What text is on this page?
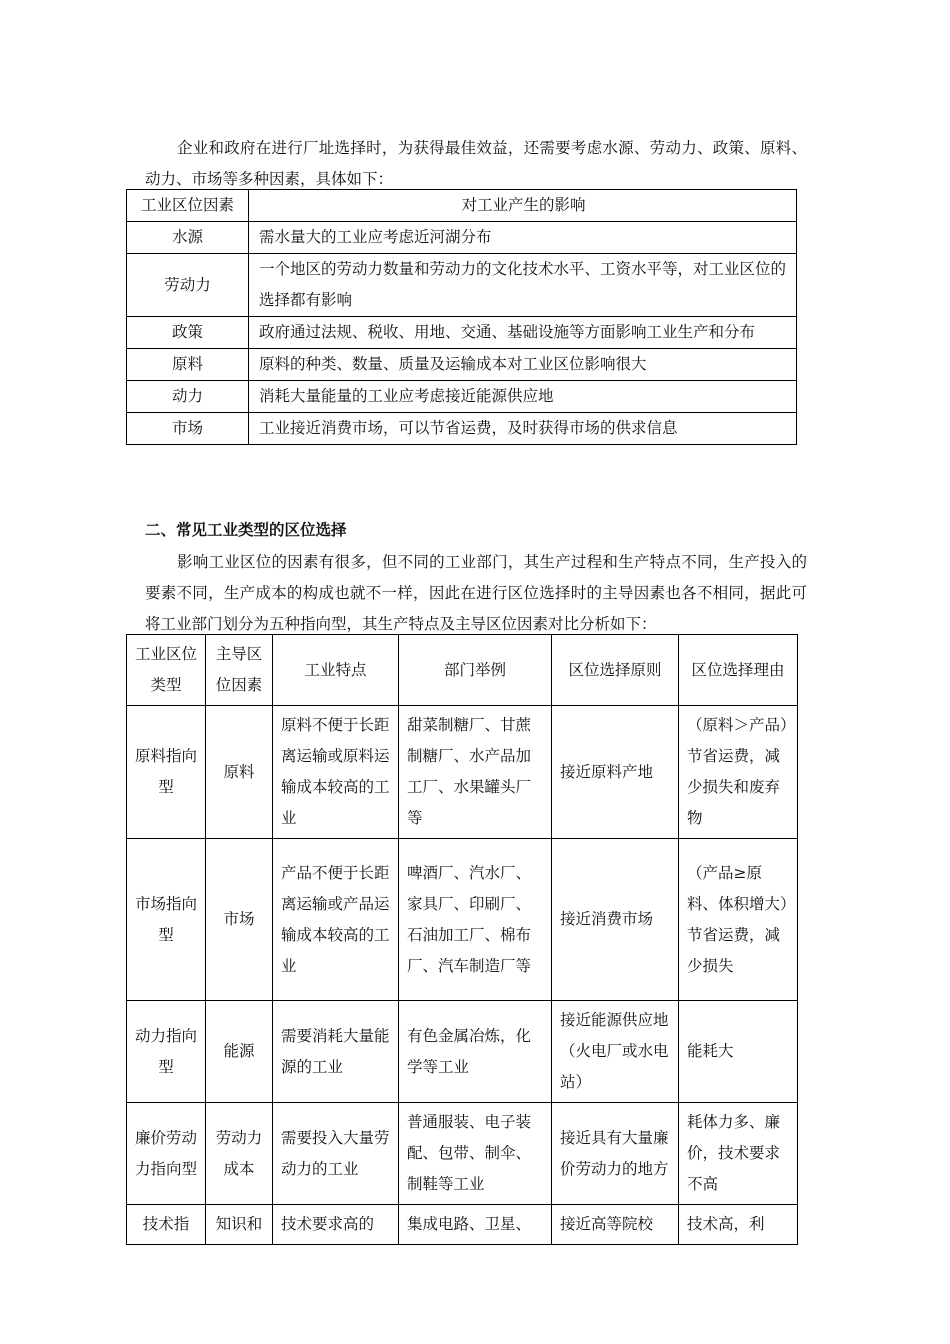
企业和政府在进行厂址选择时，为获得最佳效益，还需要考虑水源、劳动力、政策、原料、动力、市场等多种因素，具体如下：

工业区位因素	对工业产生的影响
水源	需水量大的工业应考虑近河湖分布
劳动力	一个地区的劳动力数量和劳动力的文化技术水平、工资水平等，对工业区位的选择都有影响
政策	政府通过法规、税收、用地、交通、基础设施等方面影响工业生产和分布
原料	原料的种类、数量、质量及运输成本对工业区位影响很大
动力	消耗大量能量的工业应考虑接近能源供应地
市场	工业接近消费市场，可以节省运费，及时获得市场的供求信息

二、常见工业类型的区位选择

影响工业区位的因素有很多，但不同的工业部门，其生产过程和生产特点不同，生产投入的要素不同，生产成本的构成也就不一样，因此在进行区位选择时的主导因素也各不相同，据此可将工业部门划分为五种指向型，其生产特点及主导区位因素对比分析如下：

工业区位类型	主导区位因素	工业特点	部门举例	区位选择原则	区位选择理由
原料指向型	原料	原料不便于长距离运输或原料运输成本较高的工业	甜菜制糖厂、甘蔗制糖厂、水产品加工厂、水果罐头厂等	接近原料产地	（原料＞产品）节省运费，减少损失和废弃物
市场指向型	市场	产品不便于长距离运输或产品运输成本较高的工业	啤酒厂、汽水厂、家具厂、印刷厂、石油加工厂、棉布厂、汽车制造厂等	接近消费市场	（产品≥原料、体积增大）节省运费，减少损失
动力指向型	能源	需要消耗大量能源的工业	有色金属冶炼，化学等工业	接近能源供应地（火电厂或水电站）	能耗大
廉价劳动力指向型	劳动力成本	需要投入大量劳动力的工业	普通服装、电子装配、包带、制伞、制鞋等工业	接近具有大量廉价劳动力的地方	耗体力多、廉价，技术要求不高
技术指	知识和	技术要求高的	集成电路、卫星、	接近高等院校	技术高，利
